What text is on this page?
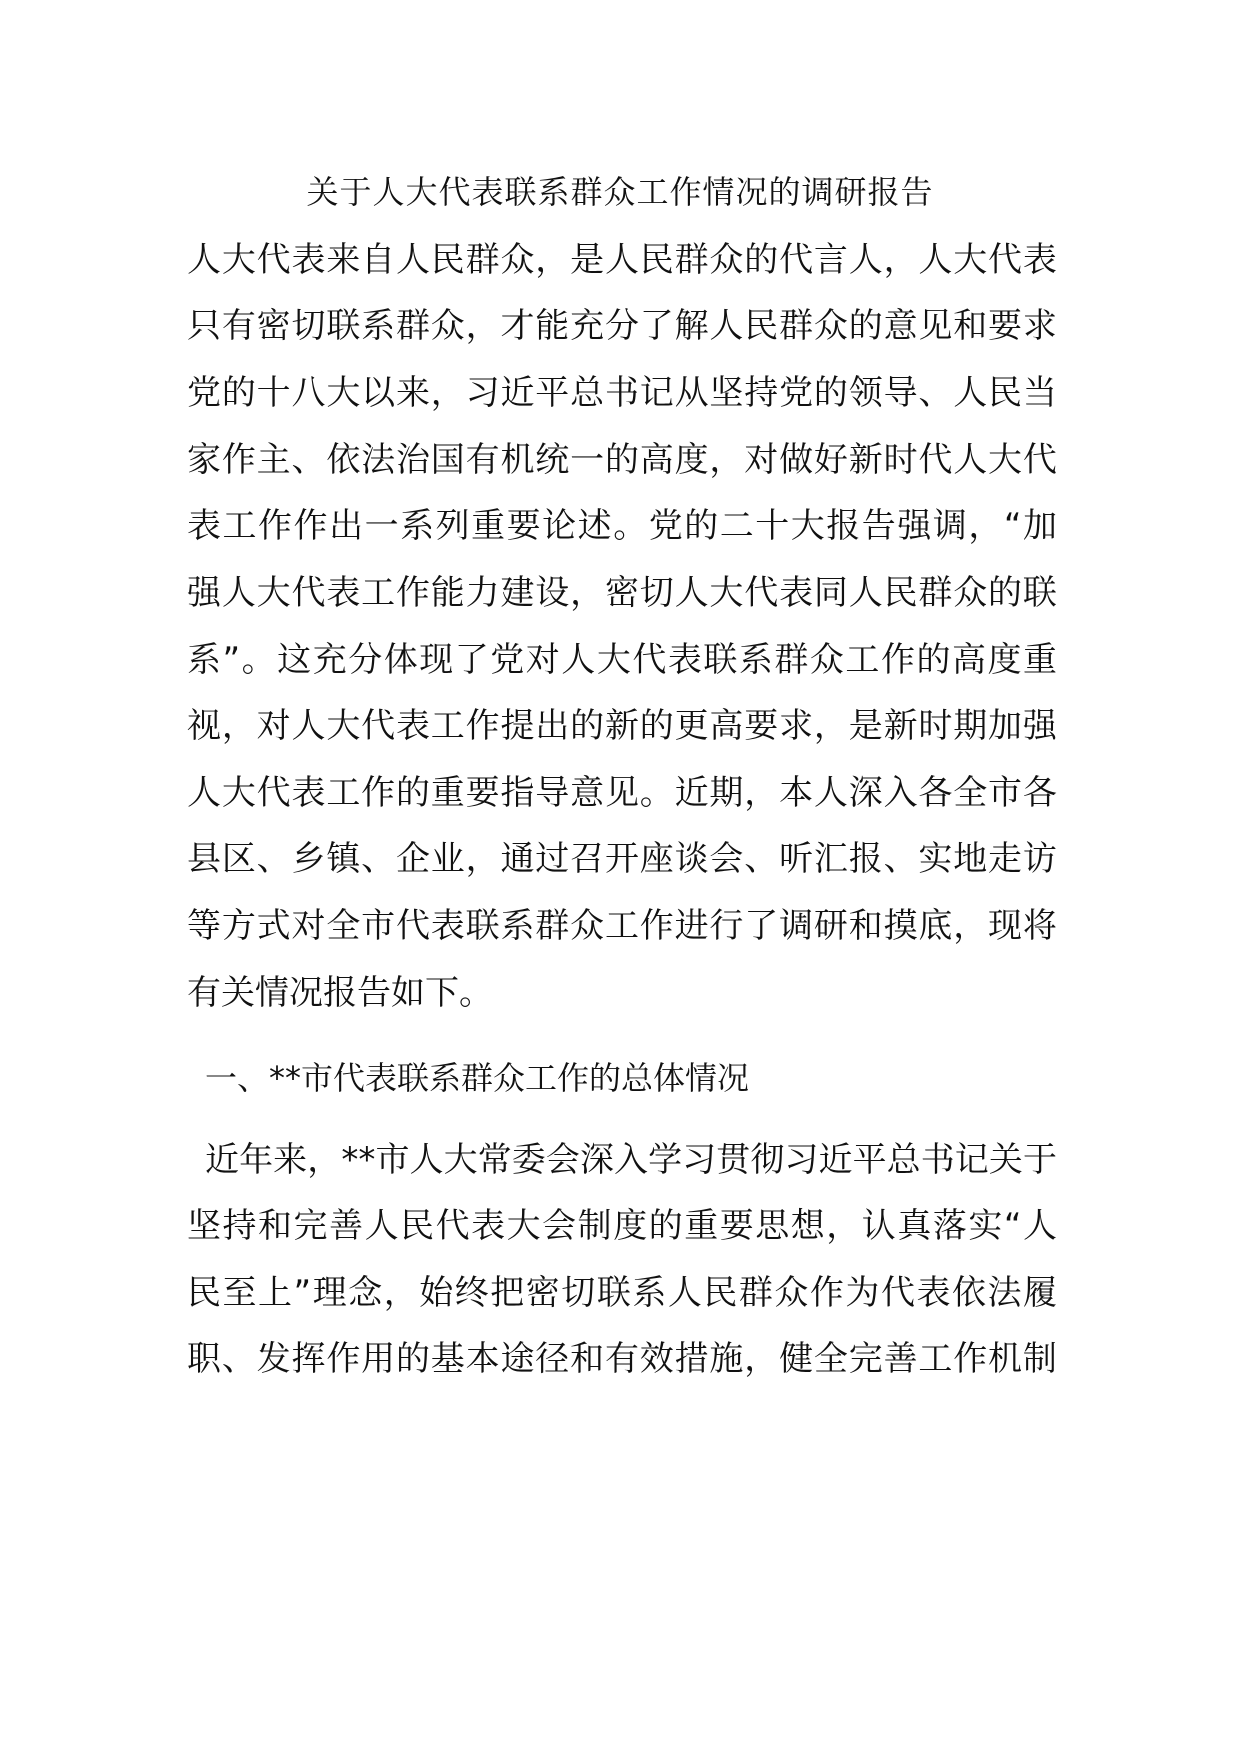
关于人大代表联系群众工作情况的调研报告
人 大 代 表 来 自 人 民 群 众 ， 是 人 民 群 众 的 代 言 人 ， 人 大 代 表
只 有 密 切 联 系 群 众 ， 才 能 充 分 了 解 人 民 群 众 的 意 见 和 要 求
党 的 十 八 大 以 来 ， 习 近 平 总 书 记 从 坚 持 党 的 领 导 、 人 民 当
家 作 主 、 依 法 治 国 有 机 统 一 的 高 度 ， 对 做 好 新 时 代 人 大 代
表 工 作 作 出 一 系 列 重 要 论 述 。 党 的 二 十 大 报 告 强 调 ， “ 加
强 人 大 代 表 工 作 能 力 建 设 ， 密 切 人 大 代 表 同 人 民 群 众 的 联
系 ” 。 这 充 分 体 现 了 党 对 人 大 代 表 联 系 群 众 工 作 的 高 度 重
视 ， 对 人 大 代 表 工 作 提 出 的 新 的 更 高 要 求 ， 是 新 时 期 加 强
人 大 代 表 工 作 的 重 要 指 导 意 见 。 近 期 ， 本 人 深 入 各 全 市 各
县 区 、 乡 镇 、 企 业 ， 通 过 召 开 座 谈 会 、 听 汇 报 、 实 地 走 访
等 方 式 对 全 市 代 表 联 系 群 众 工 作 进 行 了 调 研 和 摸 底 ， 现 将
有关情况报告如下。
一、**市代表联系群众工作的总体情况
近 年 来 ， * * 市 人 大 常 委 会 深 入 学 习 贯 彻 习 近 平 总 书 记 关 于
坚 持 和 完 善 人 民 代 表 大 会 制 度 的 重 要 思 想 ， 认 真 落 实 “ 人
民 至 上 ” 理 念 ， 始 终 把 密 切 联 系 人 民 群 众 作 为 代 表 依 法 履
职 、 发 挥 作 用 的 基 本 途 径 和 有 效 措 施 ， 健 全 完 善 工 作 机 制
